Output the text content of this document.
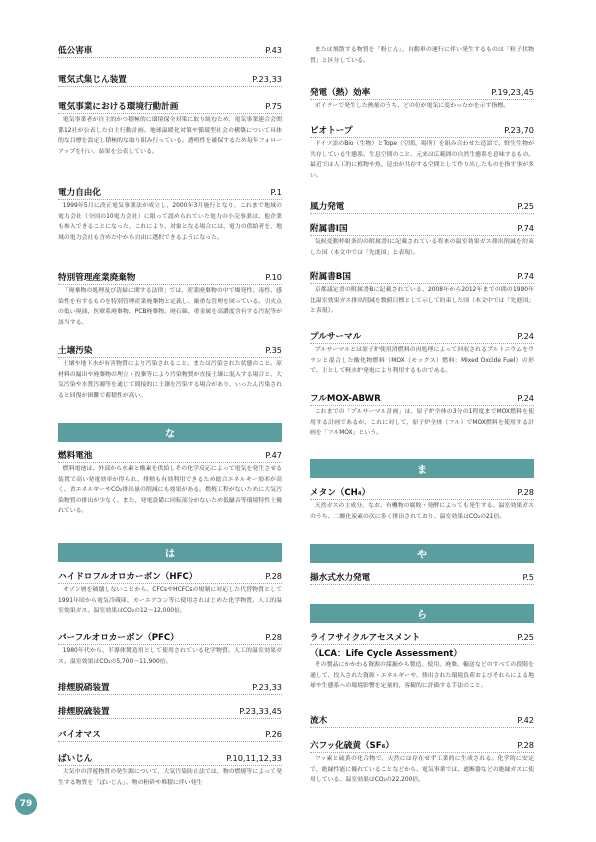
低公害車	P.43
電気式集じん装置	P.23,33
電気事業における環境行動計画	P.75
電気事業者が自主的かつ積極的に環境保全対策に取り組むため、電気事業連合会関係12社が公表した自主行動計画。地球温暖化対策や循環型社会の構築について具体的な目標を設定し積極的な取り組み行っている。透明性を確保するため毎年フォローアップを行い、結果を公表している。
電力自由化	P.1
1999年5月に改正電気事業法が成立し、2000年3月施行となり、これまで地域の電力会社（全国の10電力会社）に限って認められていた電力の小売事業は、他企業も参入できることになった。これにより、対象となる場合には、電力の供給者を、地域の電力会社も含めた中から自由に選択できるようになった。
特別管理産業廃棄物	P.10
「廃棄物の処理及び清掃に関する法律」では、産業廃棄物の中で爆発性、毒性、感染性を有するものを特別管理産業廃棄物と定義し、厳重な管理を図っている。引火点の低い廃油、医療系廃棄物、PCB廃棄物、廃石綿、重金属を高濃度含有する汚泥等が該当する。
土壌汚染	P.35
土壌や地下水が有害物質により汚染されること。または汚染された状態のこと。原材料の漏出や廃棄物の埋立・投棄等により汚染物質が直接土壌に混入する場合と、大気汚染や水質汚濁等を通じて間接的に土壌を汚染する場合があり、いったん汚染されると回復が困難で蓄積性が高い。
燃料電池	P.47
燃料電池は、外部から水素と酸素を供給しその化学反応によって電気を発生させる装置で高い発電効率が得られ、排熱も有効利用できるため総合エネルギー効率が高く、省エネルギーやCO₂排出量の削減にも効果がある。燃焼工程がないために大気汚染物質の排出が少なく、また、発電設備に回転部分がないため低騒音等環境特性上優れている。
ハイドロフルオロカーボン（HFC）	P.28
オゾン層を破壊しないことから、CFCsやHCFCsの規制に対応した代替物質として1991年頃から電気冷蔵庫、カーエアコン等に使用されはじめた化学物質。人工的温室効果ガス。温室効果はCO₂の12～12,000倍。
パーフルオロカーボン（PFC）	P.28
1980年代から、半導体製造用として使用されている化学物質。人工的温室効果ガス。温室効果はCO₂の5,700～11,900倍。
排煙脱硝装置	P.23,33
排煙脱硫装置	P.23,33,45
バイオマス	P.26
ばいじん	P.10,11,12,33
大気中の浮遊物質の発生源について、大気汚染防止法では、物の燃焼等によって発生する物質を「ばいじん」、物の粉砕や堆積に伴い発生
な
は
または飛散する物質を「粉じん」、自動車の運行に伴い発生するものは「粒子状物質」と区分している。
発電（熱）効率	P.19,23,45
ボイラーで発生した熱量のうち、どの位が電気に変わったかを示す指標。
ビオトープ	P.23,70
ドイツ語のBio（生物）とTope（空間、場所）を組み合わせた造語で、野生生物が共存している生態系、生息空間のこと。元来は広範囲の自然生態系を意味するもの。最近では人工的に植物や魚、昆虫が共存する空間として作り出したものを指す事が多い。
風力発電	P.25
附属書Ⅰ国	P.74
気候変動枠組条約の附属書Ⅰに記載されている将来の温室効果ガス排出削減を約束した国（本文中では「先進国」と表現）。
附属書B国	P.74
京都議定書の附属書Bに記載されている、2008年から2012年までの間の1990年比温室効果ガス排出削減を数値目標として示して約束した国（本文中では「先進国」と表現）。
プルサーマル	P.24
プルサーマルとは原子炉使用済燃料の再処理によって回収されるプルトニウムをウランと混合した酸化物燃料（MOX（モックス）燃料：Mixed Oxcide Fuel）の形で、主として軽水炉発電により利用するものである。
フルMOX-ABWR	P.24
これまでの「プルサーマル計画」は、原子炉全体の3分の1程度までMOX燃料を使用する計画であるが、これに対して、原子炉全体（フル）でMOX燃料を使用する計画を「フルMOX」という。
メタン（CH₄）	P.28
天然ガスの主成分。なお、有機物の腐敗・発酵によっても発生する。温室効果ガスのうち、二酸化炭素の次に多く排出されており、温室効果はCO₂の21倍。
揚水式水力発電	P.5
ライフサイクルアセスメント	P.25
（LCA：Life Cycle Assessment）
その製品にかかわる資源の採掘から製造、使用、廃棄、輸送などのすべての段階を通して、投入された資源・エネルギーや、排出された環境負荷およびそれらによる地球や生態系への環境影響を定量的、客観的に評価する手法のこと。
流木	P.42
六フッ化硫黄（SF₆）	P.28
フッ素と硫黄の化合物で、天然には存在せず工業的に生成される。化学的に安定で、絶縁性能に優れていることなどから、電気事業では、遮断器などの絶縁ガスに使用している。温室効果はCO₂の22,200倍。
ま
や
ら
79
